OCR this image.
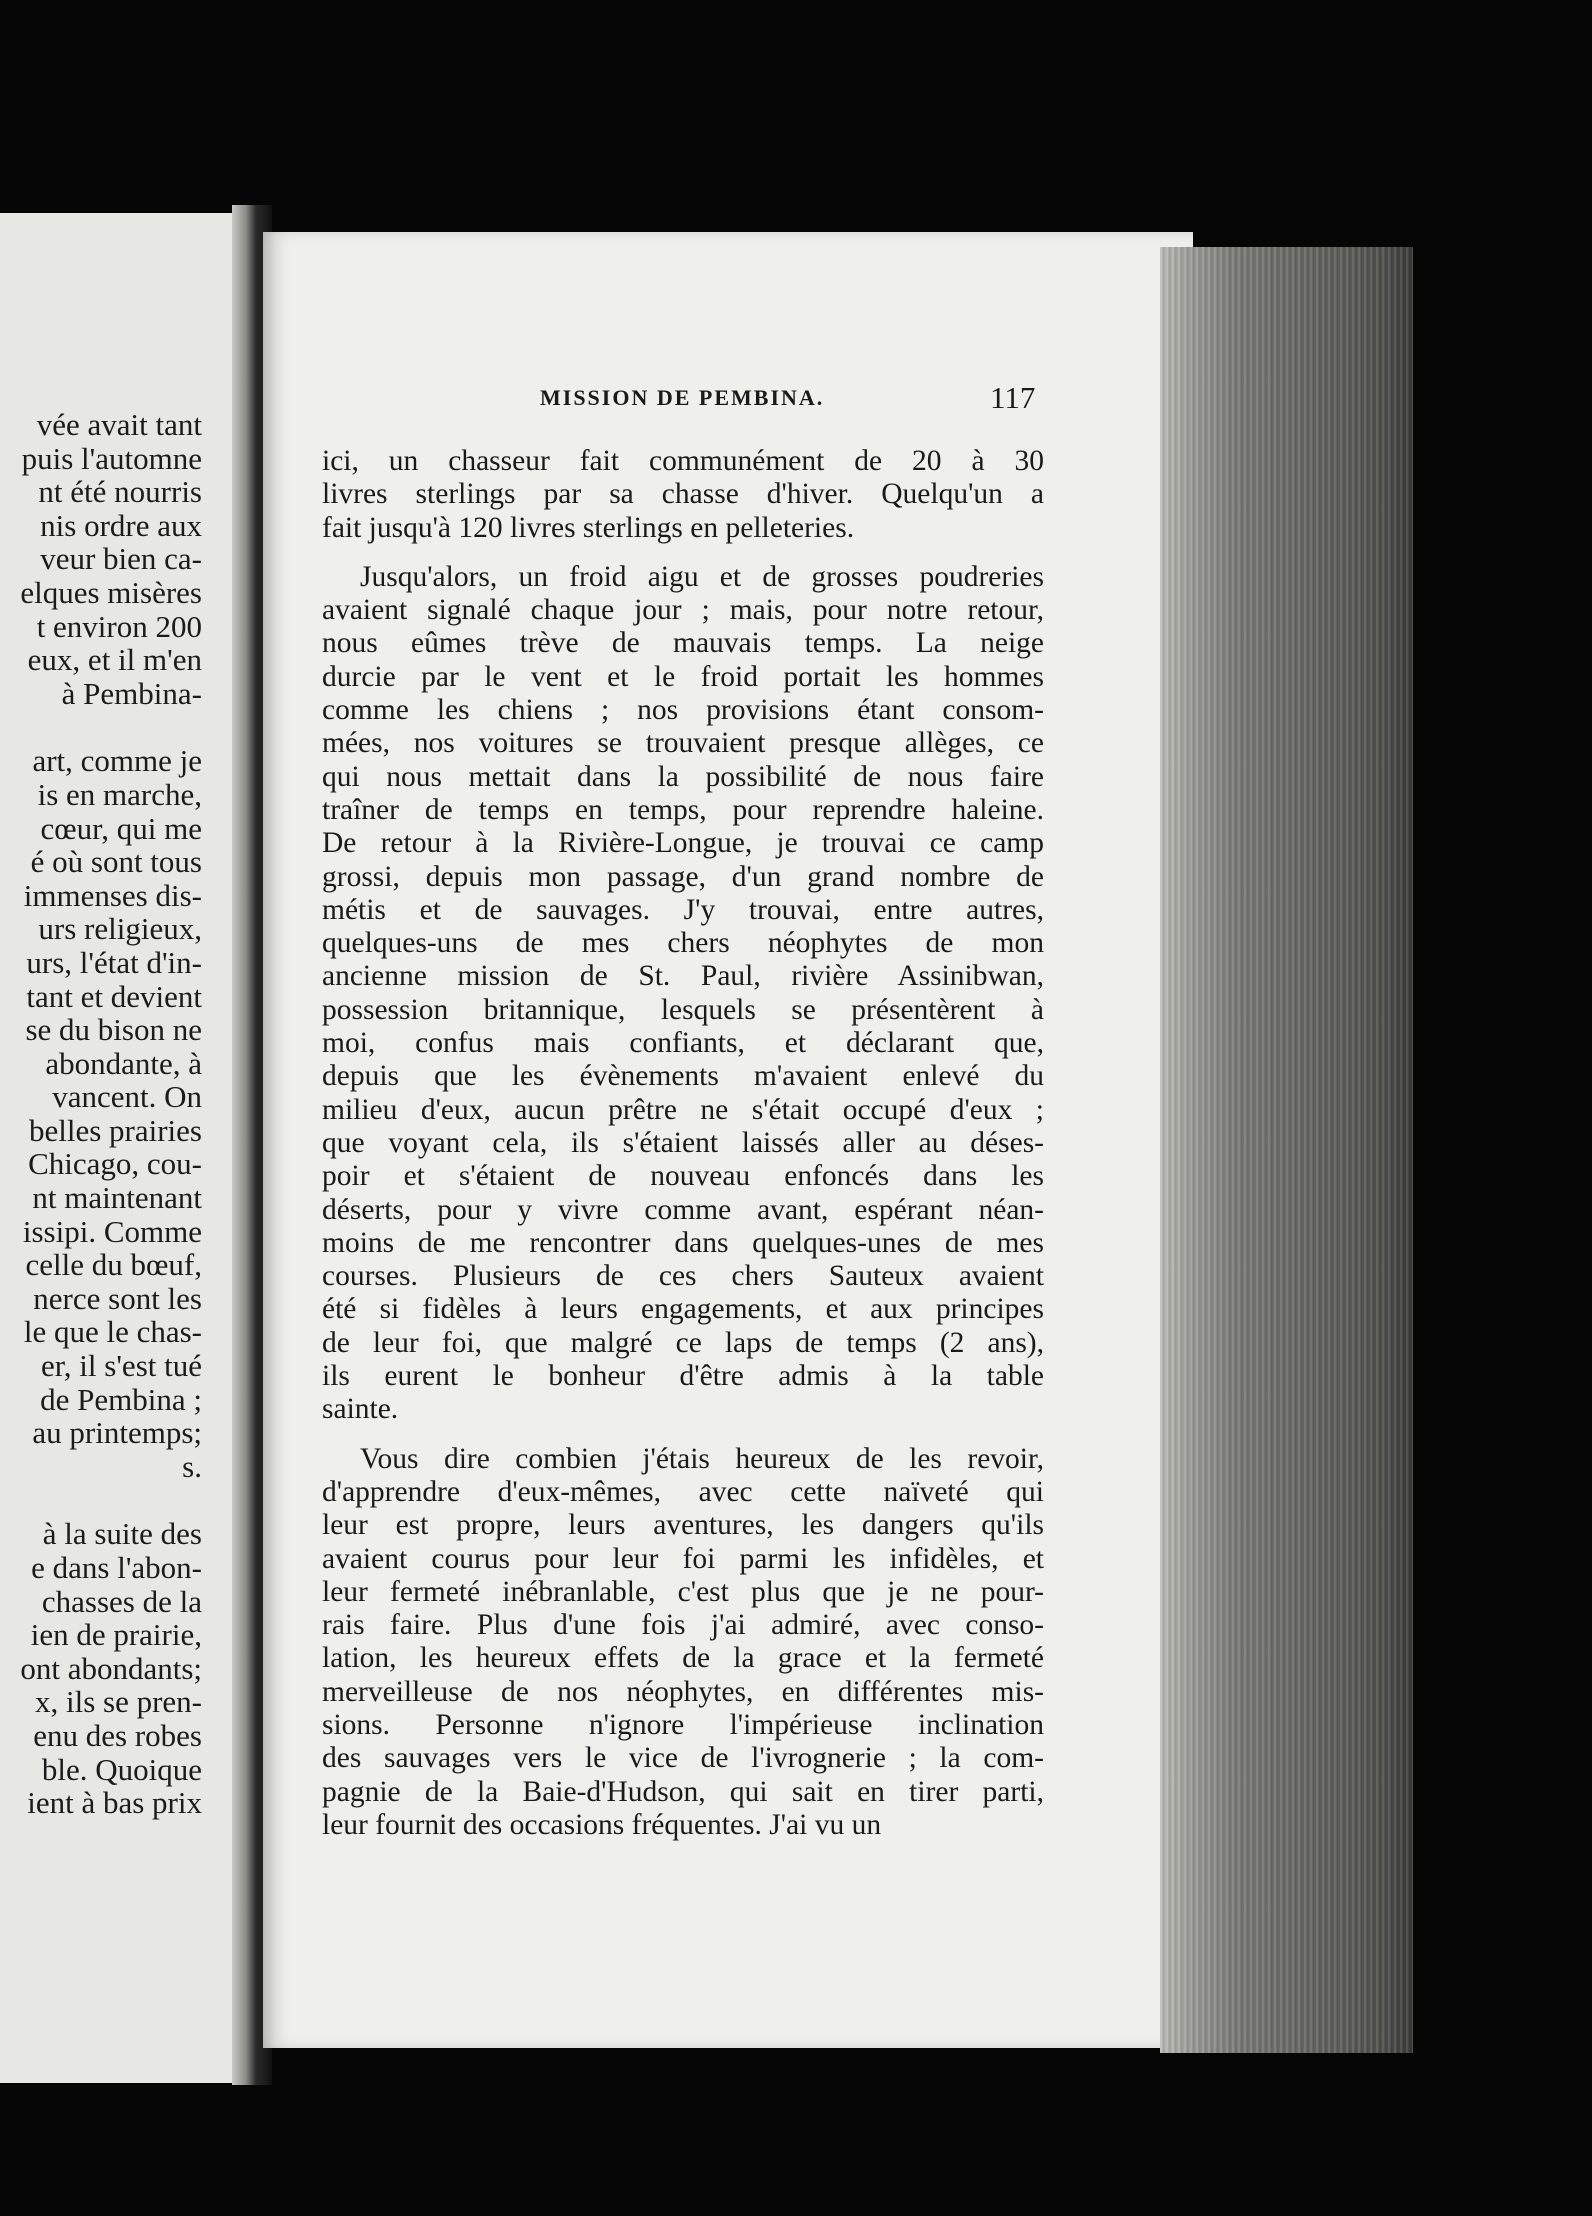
vée avait tant
puis l'automne
nt été nourris
nis ordre aux
veur bien ca-
elques misères
t environ 200
eux, et il m'en
à Pembina-
art, comme je
is en marche,
cœur, qui me
é où sont tous
immenses dis-
urs religieux,
urs, l'état d'in-
tant et devient
se du bison ne
abondante, à
vancent. On
belles prairies
Chicago, cou-
nt maintenant
issipi. Comme
celle du bœuf,
nerce sont les
le que le chas-
er, il s'est tué
de Pembina ;
au printemps;
s.
à la suite des
e dans l'abon-
chasses de la
ien de prairie,
ont abondants;
x, ils se pren-
enu des robes
ble. Quoique
ient à bas prix
MISSION DE PEMBINA.	117
ici, un chasseur fait communément de 20 à 30
livres sterlings par sa chasse d'hiver. Quelqu'un a
fait jusqu'à 120 livres sterlings en pelleteries.
Jusqu'alors, un froid aigu et de grosses poudreries
avaient signalé chaque jour ; mais, pour notre retour,
nous eûmes trève de mauvais temps. La neige
durcie par le vent et le froid portait les hommes
comme les chiens ; nos provisions étant consom-
mées, nos voitures se trouvaient presque allèges, ce
qui nous mettait dans la possibilité de nous faire
traîner de temps en temps, pour reprendre haleine.
De retour à la Rivière-Longue, je trouvai ce camp
grossi, depuis mon passage, d'un grand nombre de
métis et de sauvages. J'y trouvai, entre autres,
quelques-uns de mes chers néophytes de mon
ancienne mission de St. Paul, rivière Assinibwan,
possession britannique, lesquels se présentèrent à
moi, confus mais confiants, et déclarant que,
depuis que les évènements m'avaient enlevé du
milieu d'eux, aucun prêtre ne s'était occupé d'eux ;
que voyant cela, ils s'étaient laissés aller au déses-
poir et s'étaient de nouveau enfoncés dans les
déserts, pour y vivre comme avant, espérant néan-
moins de me rencontrer dans quelques-unes de mes
courses. Plusieurs de ces chers Sauteux avaient
été si fidèles à leurs engagements, et aux principes
de leur foi, que malgré ce laps de temps (2 ans),
ils eurent le bonheur d'être admis à la table
sainte.
Vous dire combien j'étais heureux de les revoir,
d'apprendre d'eux-mêmes, avec cette naïveté qui
leur est propre, leurs aventures, les dangers qu'ils
avaient courus pour leur foi parmi les infidèles, et
leur fermeté inébranlable, c'est plus que je ne pour-
rais faire. Plus d'une fois j'ai admiré, avec conso-
lation, les heureux effets de la grace et la fermeté
merveilleuse de nos néophytes, en différentes mis-
sions. Personne n'ignore l'impérieuse inclination
des sauvages vers le vice de l'ivrognerie ; la com-
pagnie de la Baie-d'Hudson, qui sait en tirer parti,
leur fournit des occasions fréquentes. J'ai vu un
